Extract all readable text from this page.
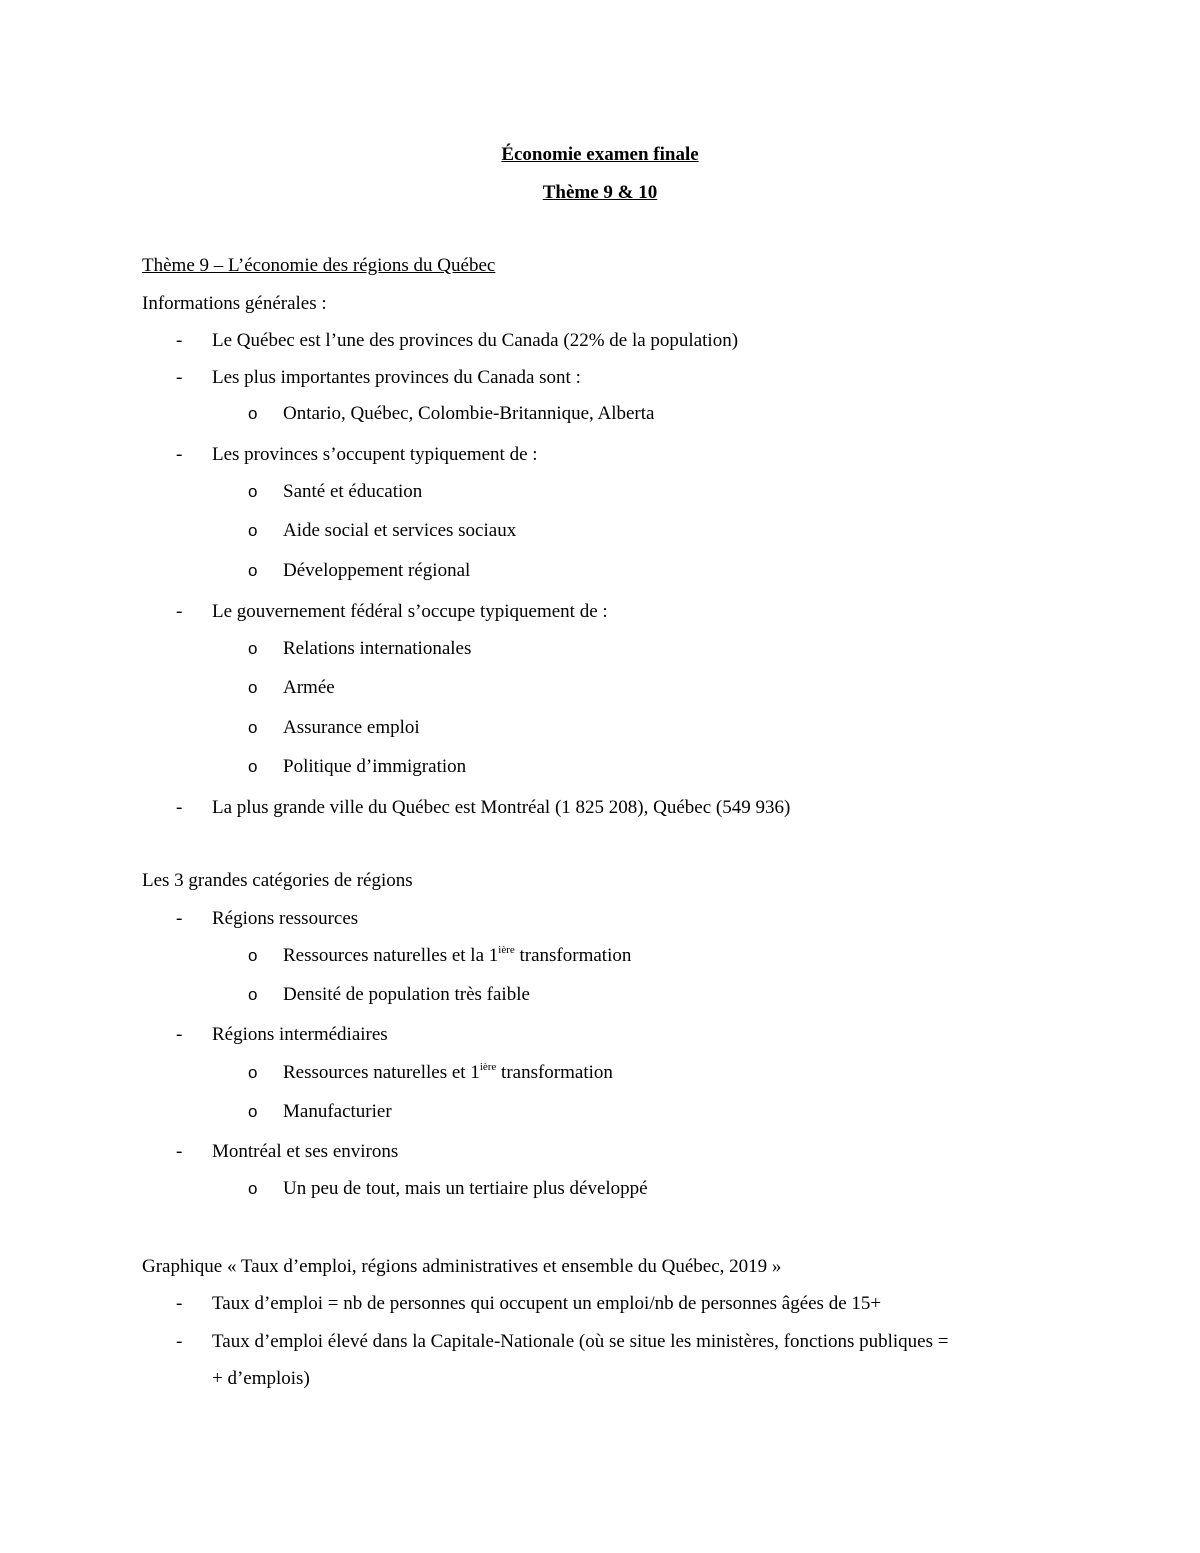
Économie examen finale
Thème 9 & 10
Thème 9 – L’économie des régions du Québec
Informations générales :
- Le Québec est l’une des provinces du Canada (22% de la population)
- Les plus importantes provinces du Canada sont :
o Ontario, Québec, Colombie-Britannique, Alberta
- Les provinces s’occupent typiquement de :
o Santé et éducation
o Aide social et services sociaux
o Développement régional
- Le gouvernement fédéral s’occupe typiquement de :
o Relations internationales
o Armée
o Assurance emploi
o Politique d’immigration
- La plus grande ville du Québec est Montréal (1 825 208), Québec (549 936)
Les 3 grandes catégories de régions
- Régions ressources
o Ressources naturelles et la $1^{ière}$ transformation
o Densité de population très faible
- Régions intermédiaires
o Ressources naturelles et $1^{ière}$ transformation
o Manufacturier
- Montréal et ses environs
o Un peu de tout, mais un tertiaire plus développé
Graphique « Taux d’emploi, régions administratives et ensemble du Québec, 2019 »
- Taux d’emploi = nb de personnes qui occupent un emploi/nb de personnes âgées de 15+
- Taux d’emploi élevé dans la Capitale-Nationale (où se situe les ministères, fonctions publiques =
+ d’emplois)
